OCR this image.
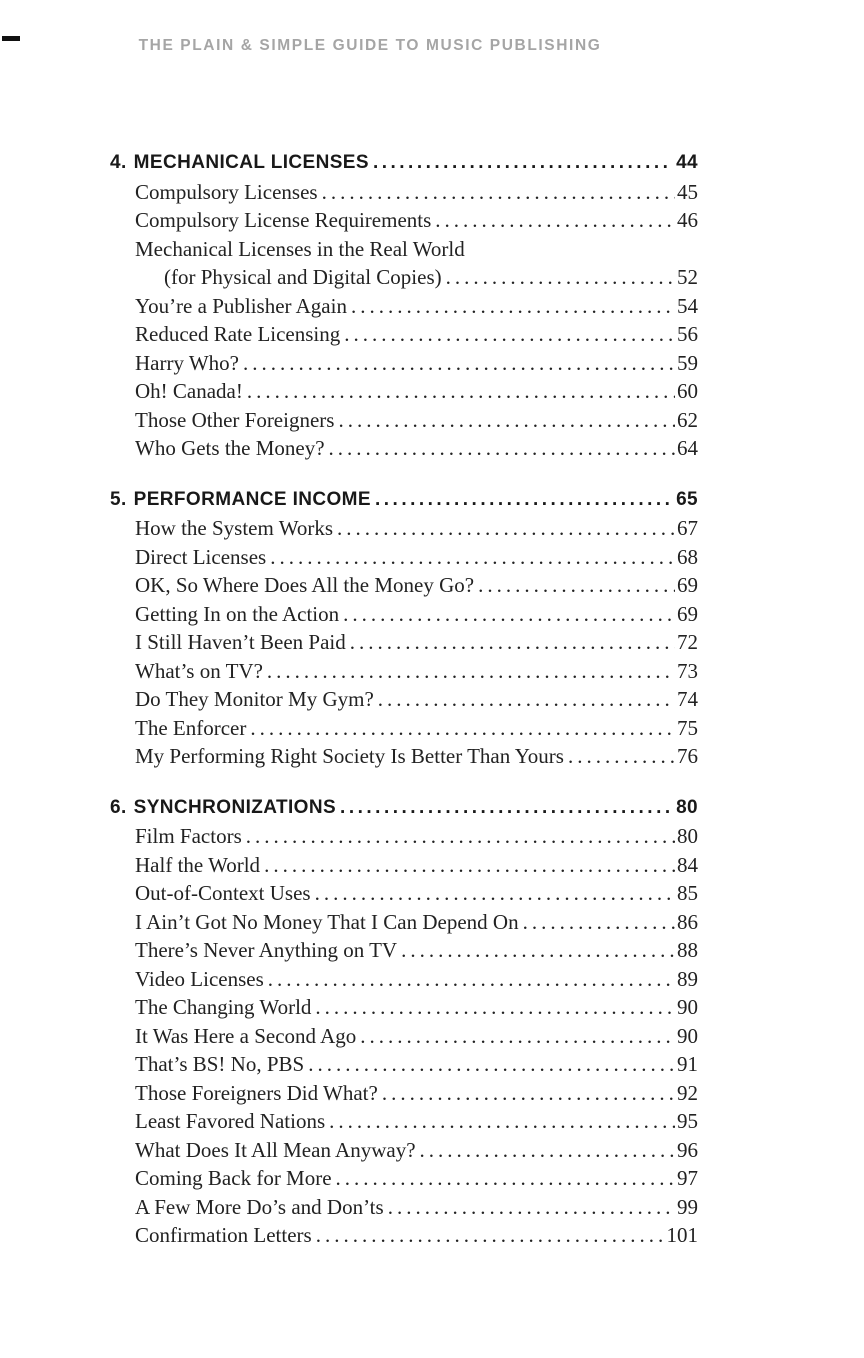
THE PLAIN & SIMPLE GUIDE TO MUSIC PUBLISHING
4. MECHANICAL LICENSES .....	44
Compulsory Licenses .....	45
Compulsory License Requirements .....	46
Mechanical Licenses in the Real World
(for Physical and Digital Copies) .....	52
You’re a Publisher Again .....	54
Reduced Rate Licensing .....	56
Harry Who? .....	59
Oh! Canada! .....	60
Those Other Foreigners .....	62
Who Gets the Money? .....	64
5. PERFORMANCE INCOME .....	65
How the System Works .....	67
Direct Licenses .....	68
OK, So Where Does All the Money Go? .....	69
Getting In on the Action .....	69
I Still Haven’t Been Paid .....	72
What’s on TV? .....	73
Do They Monitor My Gym? .....	74
The Enforcer .....	75
My Performing Right Society Is Better Than Yours .....	76
6. SYNCHRONIZATIONS .....	80
Film Factors .....	80
Half the World .....	84
Out-of-Context Uses .....	85
I Ain’t Got No Money That I Can Depend On .....	86
There’s Never Anything on TV .....	88
Video Licenses .....	89
The Changing World .....	90
It Was Here a Second Ago .....	90
That’s BS! No, PBS .....	91
Those Foreigners Did What? .....	92
Least Favored Nations .....	95
What Does It All Mean Anyway? .....	96
Coming Back for More .....	97
A Few More Do’s and Don’ts .....	99
Confirmation Letters .....	101
